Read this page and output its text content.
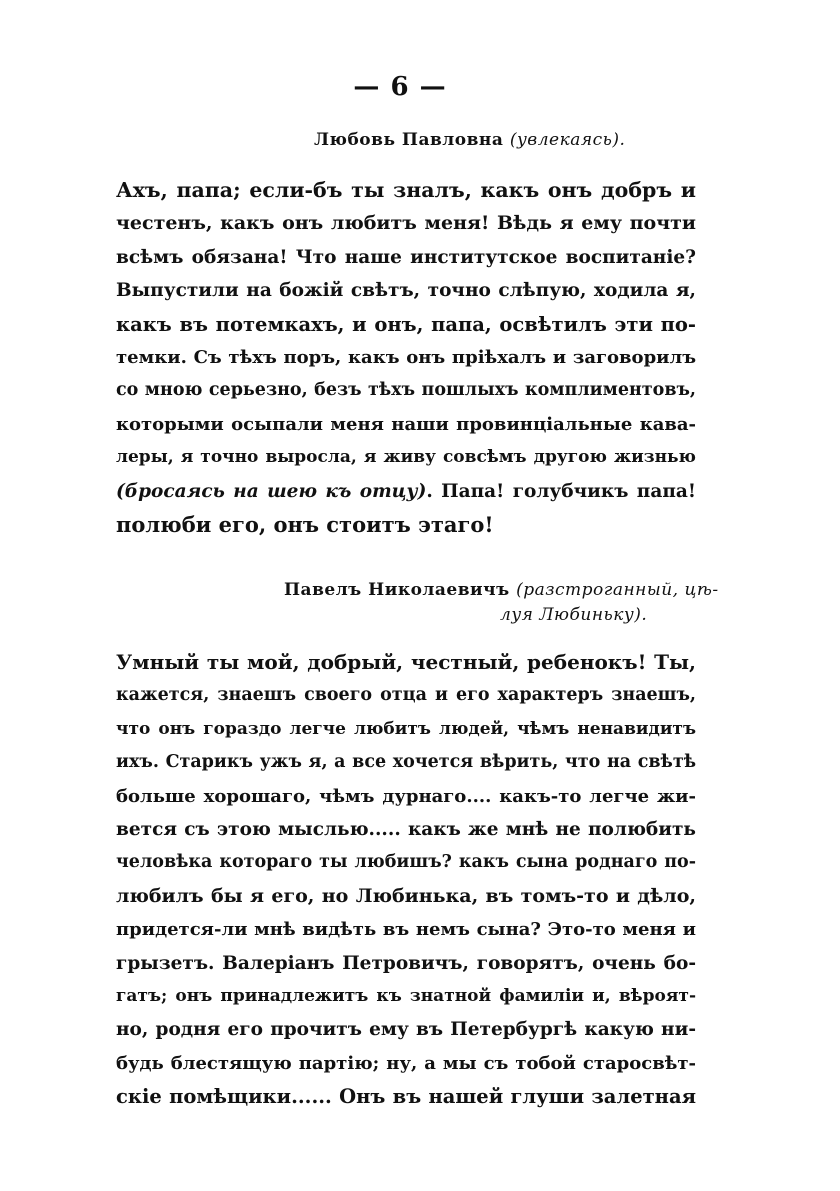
— 6 —
Любовь Павловна (увлекаясь).
Ахъ, папа; если-бъ ты зналъ, какъ онъ добръ и
честенъ, какъ онъ любитъ меня! Вѣдь я ему почти
всѣмъ обязана! Что наше институтское воспитаніе?
Выпустили на божій свѣтъ, точно слѣпую, ходила я,
какъ въ потемкахъ, и онъ, папа, освѣтилъ эти по-
темки. Съ тѣхъ поръ, какъ онъ пріѣхалъ и заговорилъ
со мною серьезно, безъ тѣхъ пошлыхъ комплиментовъ,
которыми осыпали меня наши провинціальные кава-
леры, я точно выросла, я живу совсѣмъ другою жизнью
(бросаясь на шею къ отцу). Папа! голубчикъ папа!
полюби его, онъ стоитъ этаго!
Павелъ Николаевичъ (разстроганный, цѣ-
луя Любиньку).
Умный ты мой, добрый, честный, ребенокъ! Ты,
кажется, знаешъ своего отца и его характеръ знаешъ,
что онъ гораздо легче любитъ людей, чѣмъ ненавидитъ
ихъ. Старикъ ужъ я, а все хочется вѣрить, что на свѣтѣ
больше хорошаго, чѣмъ дурнаго.... какъ-то легче жи-
вется съ этою мыслью..... какъ же мнѣ не полюбить
человѣка котораго ты любишъ? какъ сына роднаго по-
любилъ бы я его, но Любинька, въ томъ-то и дѣло,
придется-ли мнѣ видѣть въ немъ сына? Это-то меня и
грызетъ. Валеріанъ Петровичъ, говорятъ, очень бо-
гатъ; онъ принадлежитъ къ знатной фамиліи и, вѣроят-
но, родня его прочитъ ему въ Петербургѣ какую ни-
будь блестящую партію; ну, а мы съ тобой старосвѣт-
скіе помѣщики...... Онъ въ нашей глуши залетная
